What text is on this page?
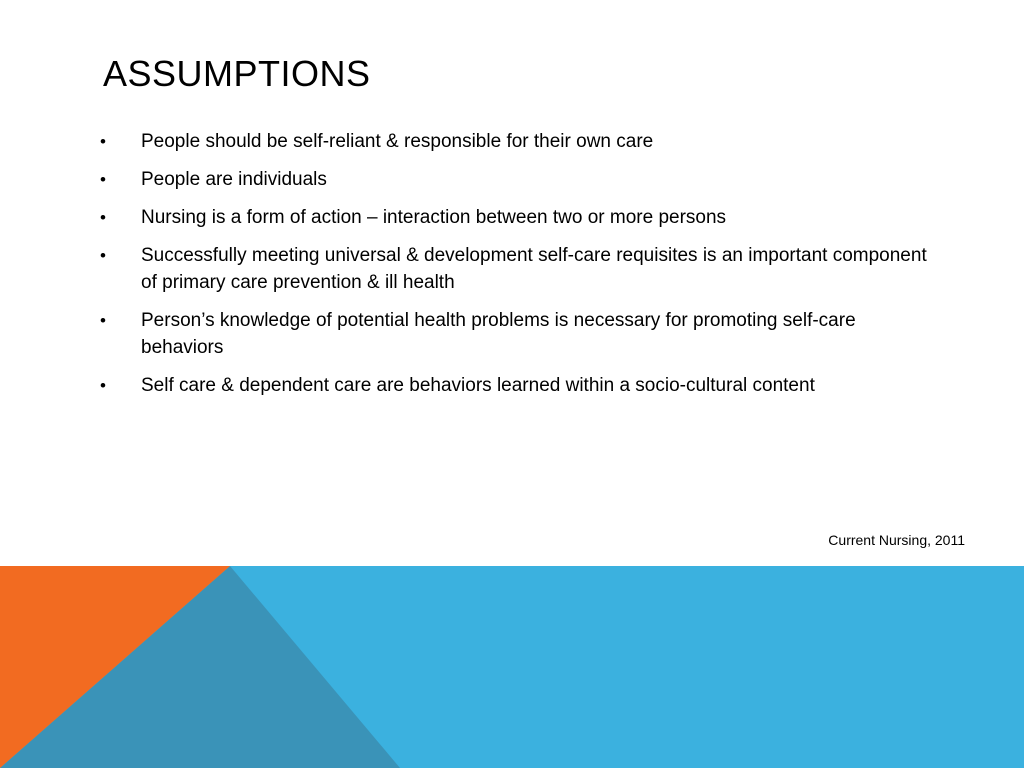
ASSUMPTIONS
•	People should be self-reliant & responsible for their own care
•	People are individuals
•	Nursing is a form of action – interaction between two or more persons
•	Successfully meeting universal & development self-care requisites is an important component of primary care prevention & ill health
•	Person’s knowledge of potential health problems is necessary for promoting self-care behaviors
•	Self care & dependent care are behaviors learned within a socio-cultural content
Current Nursing, 2011
